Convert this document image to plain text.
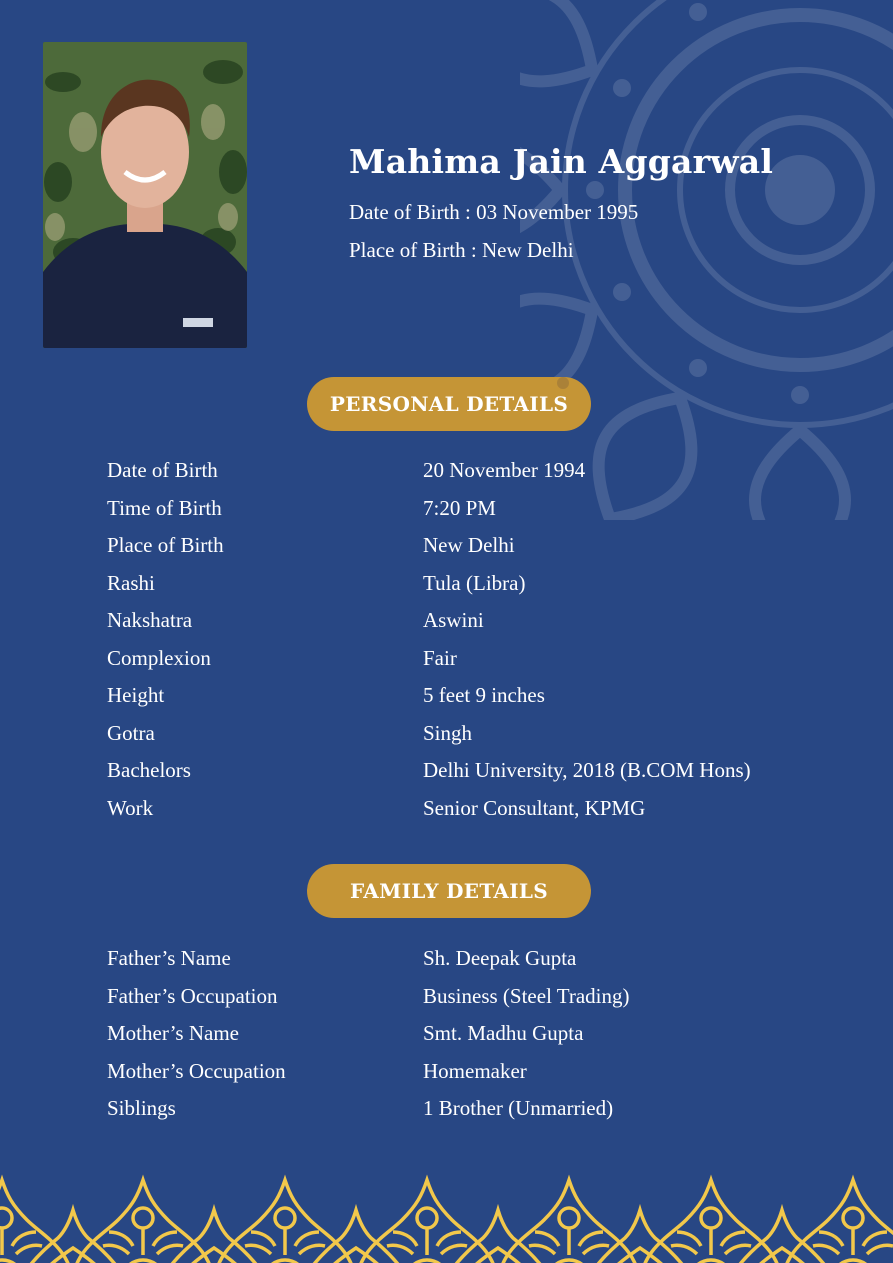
Mahima Jain Aggarwal
Date of Birth : 03 November 1995
Place of Birth : New Delhi
PERSONAL DETAILS
Date of Birth	20 November 1994
Time of Birth	7:20 PM
Place of Birth	New Delhi
Rashi	Tula (Libra)
Nakshatra	Aswini
Complexion	Fair
Height	5 feet 9 inches
Gotra	Singh
Bachelors	Delhi University, 2018 (B.COM Hons)
Work	Senior Consultant, KPMG
FAMILY DETAILS
Father’s Name	Sh. Deepak Gupta
Father’s Occupation	Business (Steel Trading)
Mother’s Name	Smt. Madhu Gupta
Mother’s Occupation	Homemaker
Siblings	1 Brother (Unmarried)
